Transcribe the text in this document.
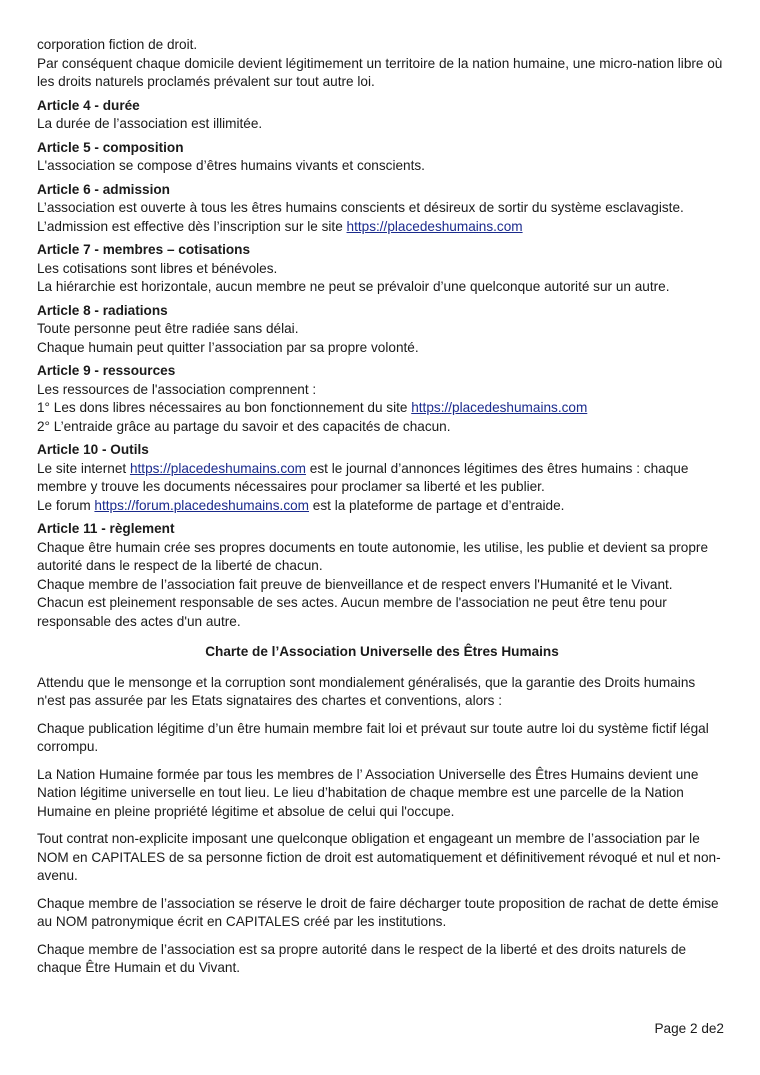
corporation fiction de droit.

Par conséquent chaque domicile devient légitimement un territoire de la nation humaine, une micro-nation libre où les droits naturels proclamés prévalent sur tout autre loi.

Article 4 - durée

La durée de l’association est illimitée.

Article 5 - composition

L'association se compose d’êtres humains vivants et conscients.

Article 6 - admission

L’association est ouverte à tous les êtres humains conscients et désireux de sortir du système esclavagiste.

L’admission est effective dès l’inscription sur le site https://placedeshumains.com

Article 7 - membres – cotisations

Les cotisations sont libres et bénévoles.

La hiérarchie est horizontale, aucun membre ne peut se prévaloir d’une quelconque autorité sur un autre.

Article 8 - radiations

Toute personne peut être radiée sans délai.

Chaque humain peut quitter l’association par sa propre volonté.

Article 9 - ressources

Les ressources de l'association comprennent :

1° Les dons libres nécessaires au bon fonctionnement du site https://placedeshumains.com

2° L’entraide grâce au partage du savoir et des capacités de chacun.

Article 10 - Outils

Le site internet https://placedeshumains.com est le journal d’annonces légitimes des êtres humains : chaque membre y trouve les documents nécessaires pour proclamer sa liberté et les publier.

Le forum https://forum.placedeshumains.com est la plateforme de partage et d’entraide.

Article 11 - règlement

Chaque être humain crée ses propres documents en toute autonomie, les utilise, les publie et devient sa propre autorité dans le respect de la liberté de chacun.

Chaque membre de l’association fait preuve de bienveillance et de respect envers l'Humanité et le Vivant.

Chacun est pleinement responsable de ses actes. Aucun membre de l'association ne peut être tenu pour responsable des actes d'un autre.

Charte de l’Association Universelle des Êtres Humains

Attendu que le mensonge et la corruption sont mondialement généralisés, que la garantie des Droits humains n'est pas assurée par les Etats signataires des chartes et conventions, alors :

Chaque publication légitime d’un être humain membre fait loi et prévaut sur toute autre loi du système fictif légal corrompu.

La Nation Humaine formée par tous les membres de l’ Association Universelle des Êtres Humains devient une Nation légitime universelle en tout lieu. Le lieu d’habitation de chaque membre est une parcelle de la Nation Humaine en pleine propriété légitime et absolue de celui qui l'occupe.

Tout contrat non-explicite imposant une quelconque obligation et engageant un membre de l’association par le NOM en CAPITALES de sa personne fiction de droit est automatiquement et définitivement révoqué et nul et non-avenu.

Chaque membre de l’association se réserve le droit de faire décharger toute proposition de rachat de dette émise au NOM patronymique écrit en CAPITALES créé par les institutions.

Chaque membre de l’association est sa propre autorité dans le respect de la liberté et des droits naturels de chaque Être Humain et du Vivant.

Page 2 de2
